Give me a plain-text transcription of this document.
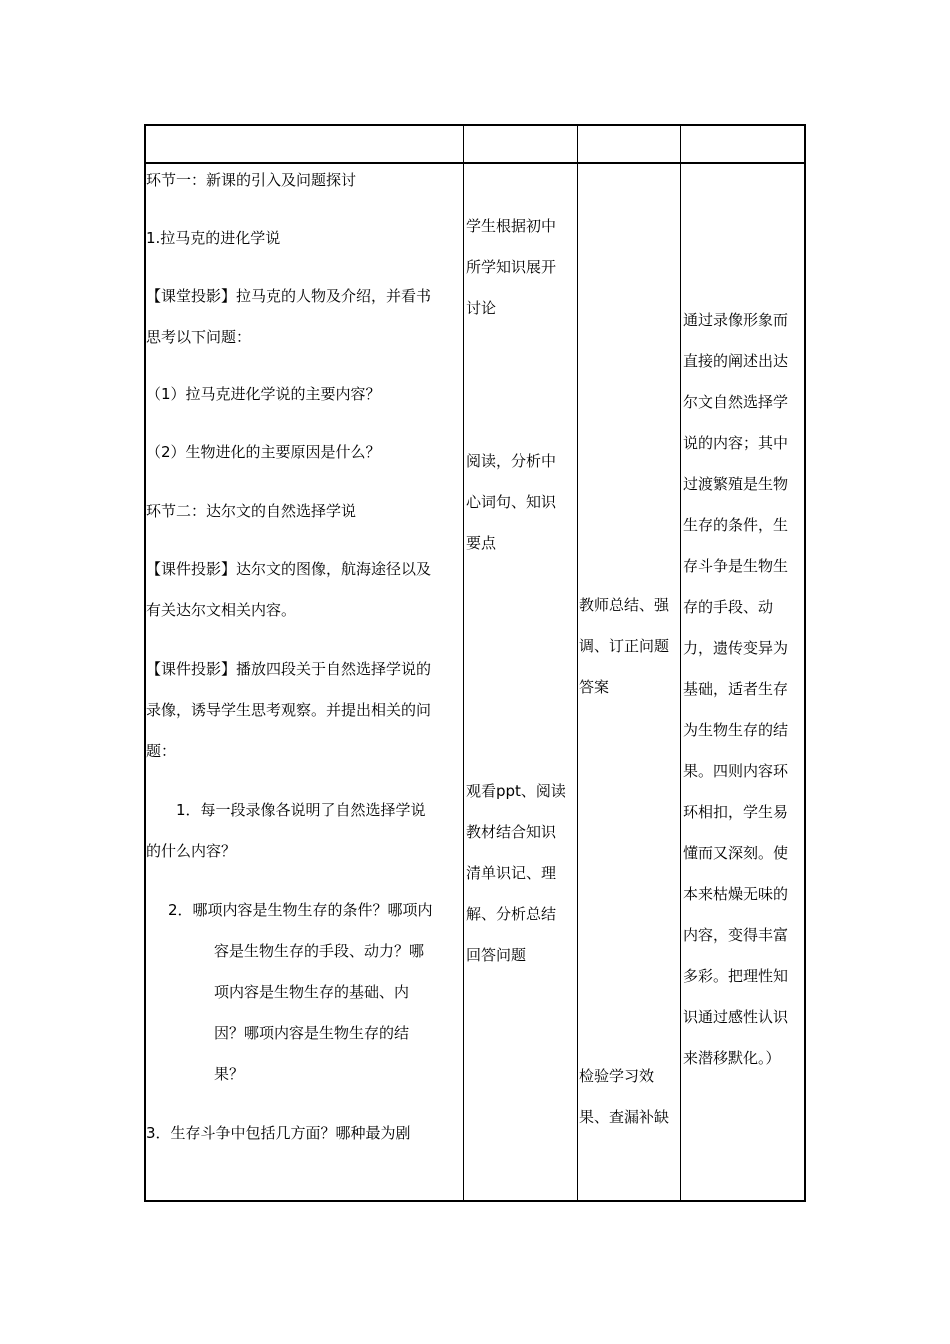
环节一：新课的引入及问题探讨
1.拉马克的进化学说
【课堂投影】拉马克的人物及介绍，并看书
思考以下问题：
（1）拉马克进化学说的主要内容？
（2）生物进化的主要原因是什么？
环节二：达尔文的自然选择学说
【课件投影】达尔文的图像，航海途径以及
有关达尔文相关内容。
【课件投影】播放四段关于自然选择学说的
录像，诱导学生思考观察。并提出相关的问
题：
1．每一段录像各说明了自然选择学说
的什么内容？
2．哪项内容是生物生存的条件？哪项内
容是生物生存的手段、动力？哪
项内容是生物生存的基础、内
因？哪项内容是生物生存的结
果？
3．生存斗争中包括几方面？哪种最为剧
学生根据初中
所学知识展开
讨论
阅读，分析中
心词句、知识
要点
观看ppt、阅读
教材结合知识
清单识记、理
解、分析总结
回答问题
教师总结、强
调、订正问题
答案
检验学习效
果、查漏补缺
通过录像形象而
直接的阐述出达
尔文自然选择学
说的内容；其中
过渡繁殖是生物
生存的条件，生
存斗争是生物生
存的手段、动
力，遗传变异为
基础，适者生存
为生物生存的结
果。四则内容环
环相扣，学生易
懂而又深刻。使
本来枯燥无味的
内容，变得丰富
多彩。把理性知
识通过感性认识
来潜移默化。）
